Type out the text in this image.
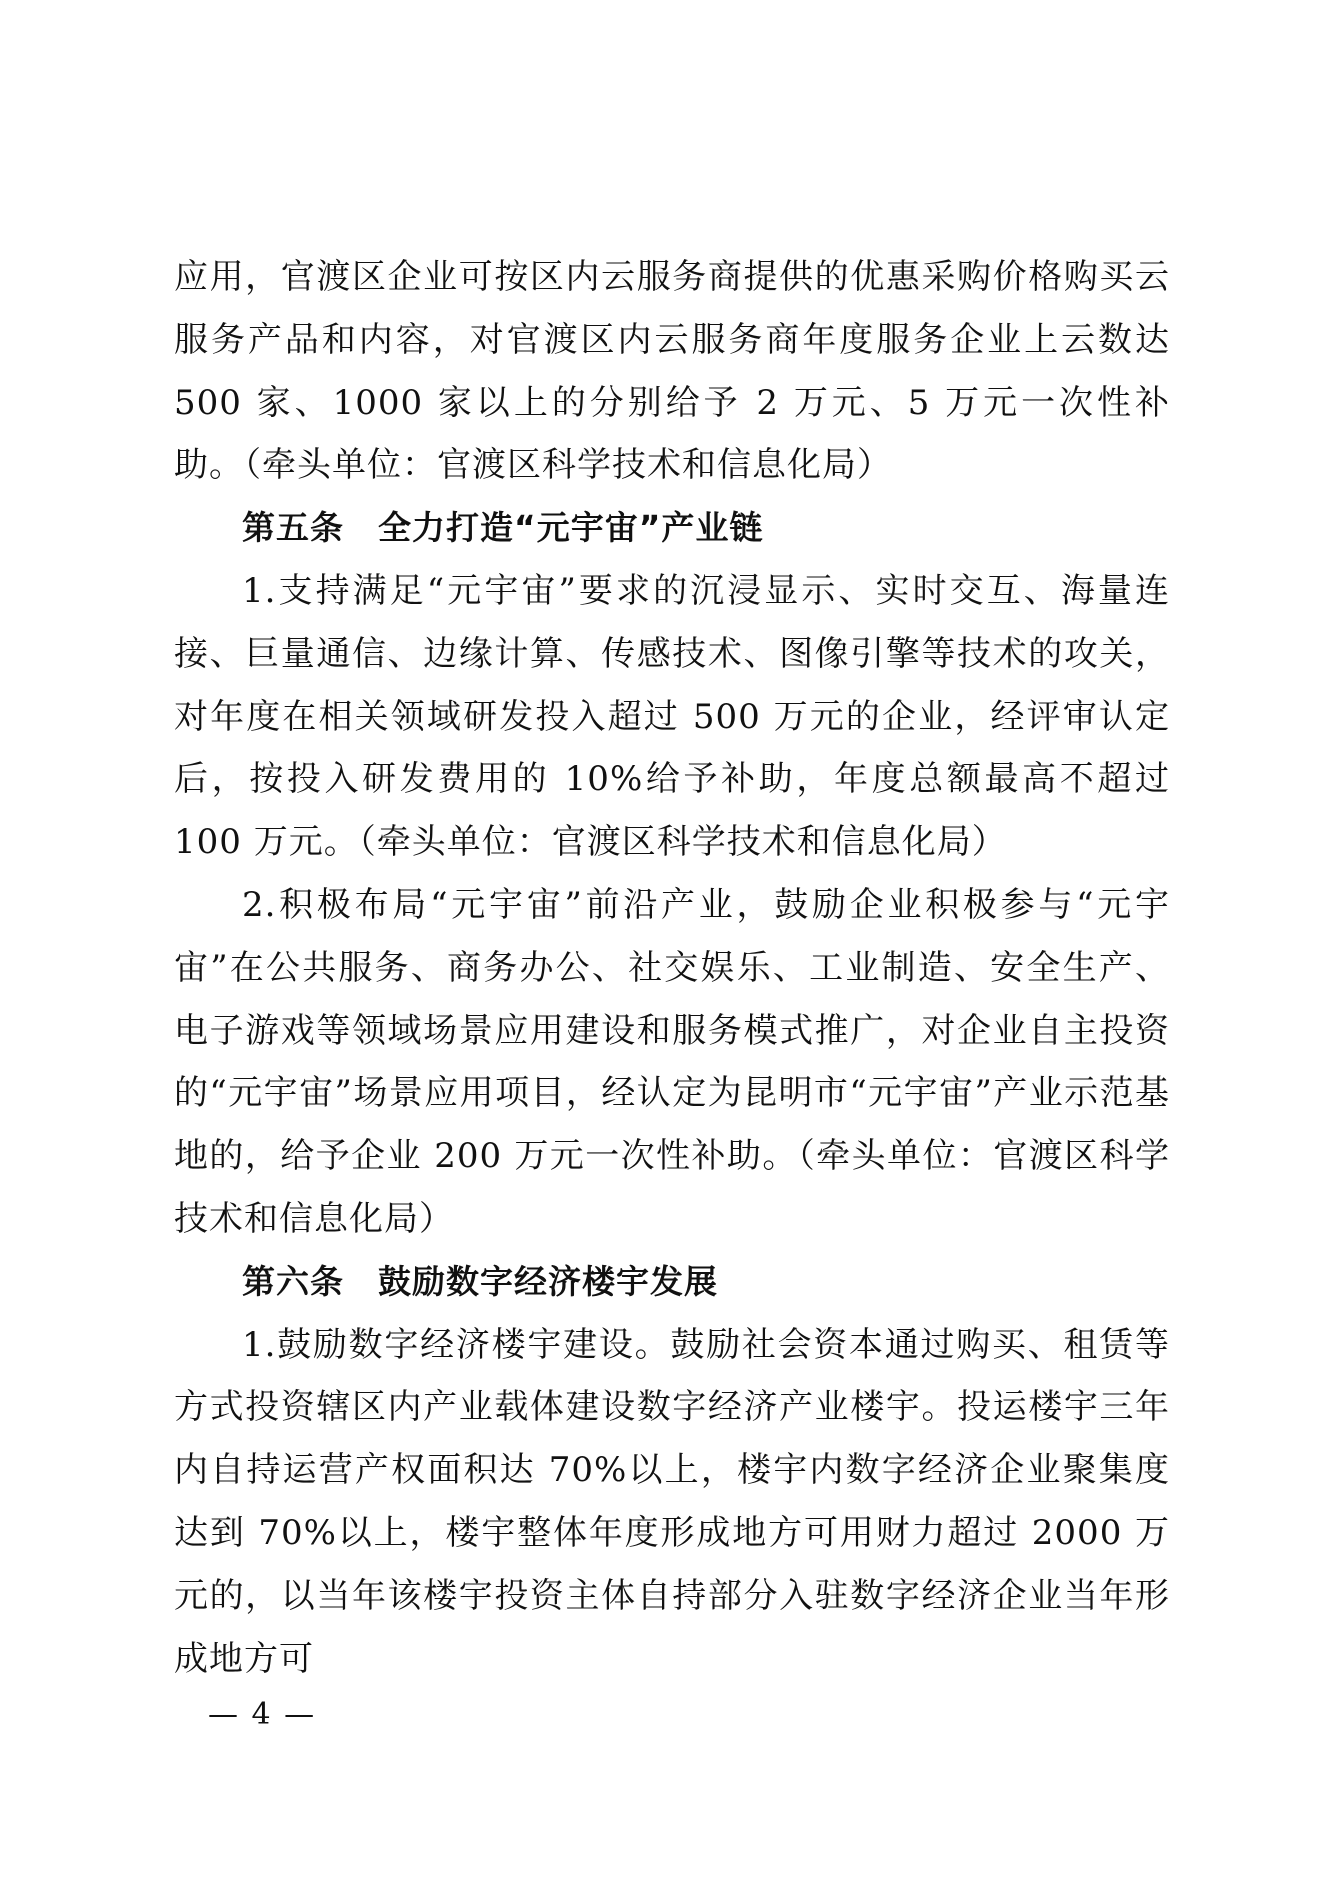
应用，官渡区企业可按区内云服务商提供的优惠采购价格购买云服务产品和内容，对官渡区内云服务商年度服务企业上云数达 500 家、1000 家以上的分别给予 2 万元、5 万元一次性补助。（牵头单位：官渡区科学技术和信息化局）

第五条　全力打造“元宇宙”产业链

1.支持满足“元宇宙”要求的沉浸显示、实时交互、海量连接、巨量通信、边缘计算、传感技术、图像引擎等技术的攻关，对年度在相关领域研发投入超过 500 万元的企业，经评审认定后，按投入研发费用的 10%给予补助，年度总额最高不超过 100 万元。（牵头单位：官渡区科学技术和信息化局）

2.积极布局“元宇宙”前沿产业，鼓励企业积极参与“元宇宙”在公共服务、商务办公、社交娱乐、工业制造、安全生产、电子游戏等领域场景应用建设和服务模式推广，对企业自主投资的“元宇宙”场景应用项目，经认定为昆明市“元宇宙”产业示范基地的，给予企业 200 万元一次性补助。（牵头单位：官渡区科学技术和信息化局）

第六条　鼓励数字经济楼宇发展

1.鼓励数字经济楼宇建设。鼓励社会资本通过购买、租赁等方式投资辖区内产业载体建设数字经济产业楼宇。投运楼宇三年内自持运营产权面积达 70%以上，楼宇内数字经济企业聚集度达到 70%以上，楼宇整体年度形成地方可用财力超过 2000 万元的，以当年该楼宇投资主体自持部分入驻数字经济企业当年形成地方可

— 4 —
